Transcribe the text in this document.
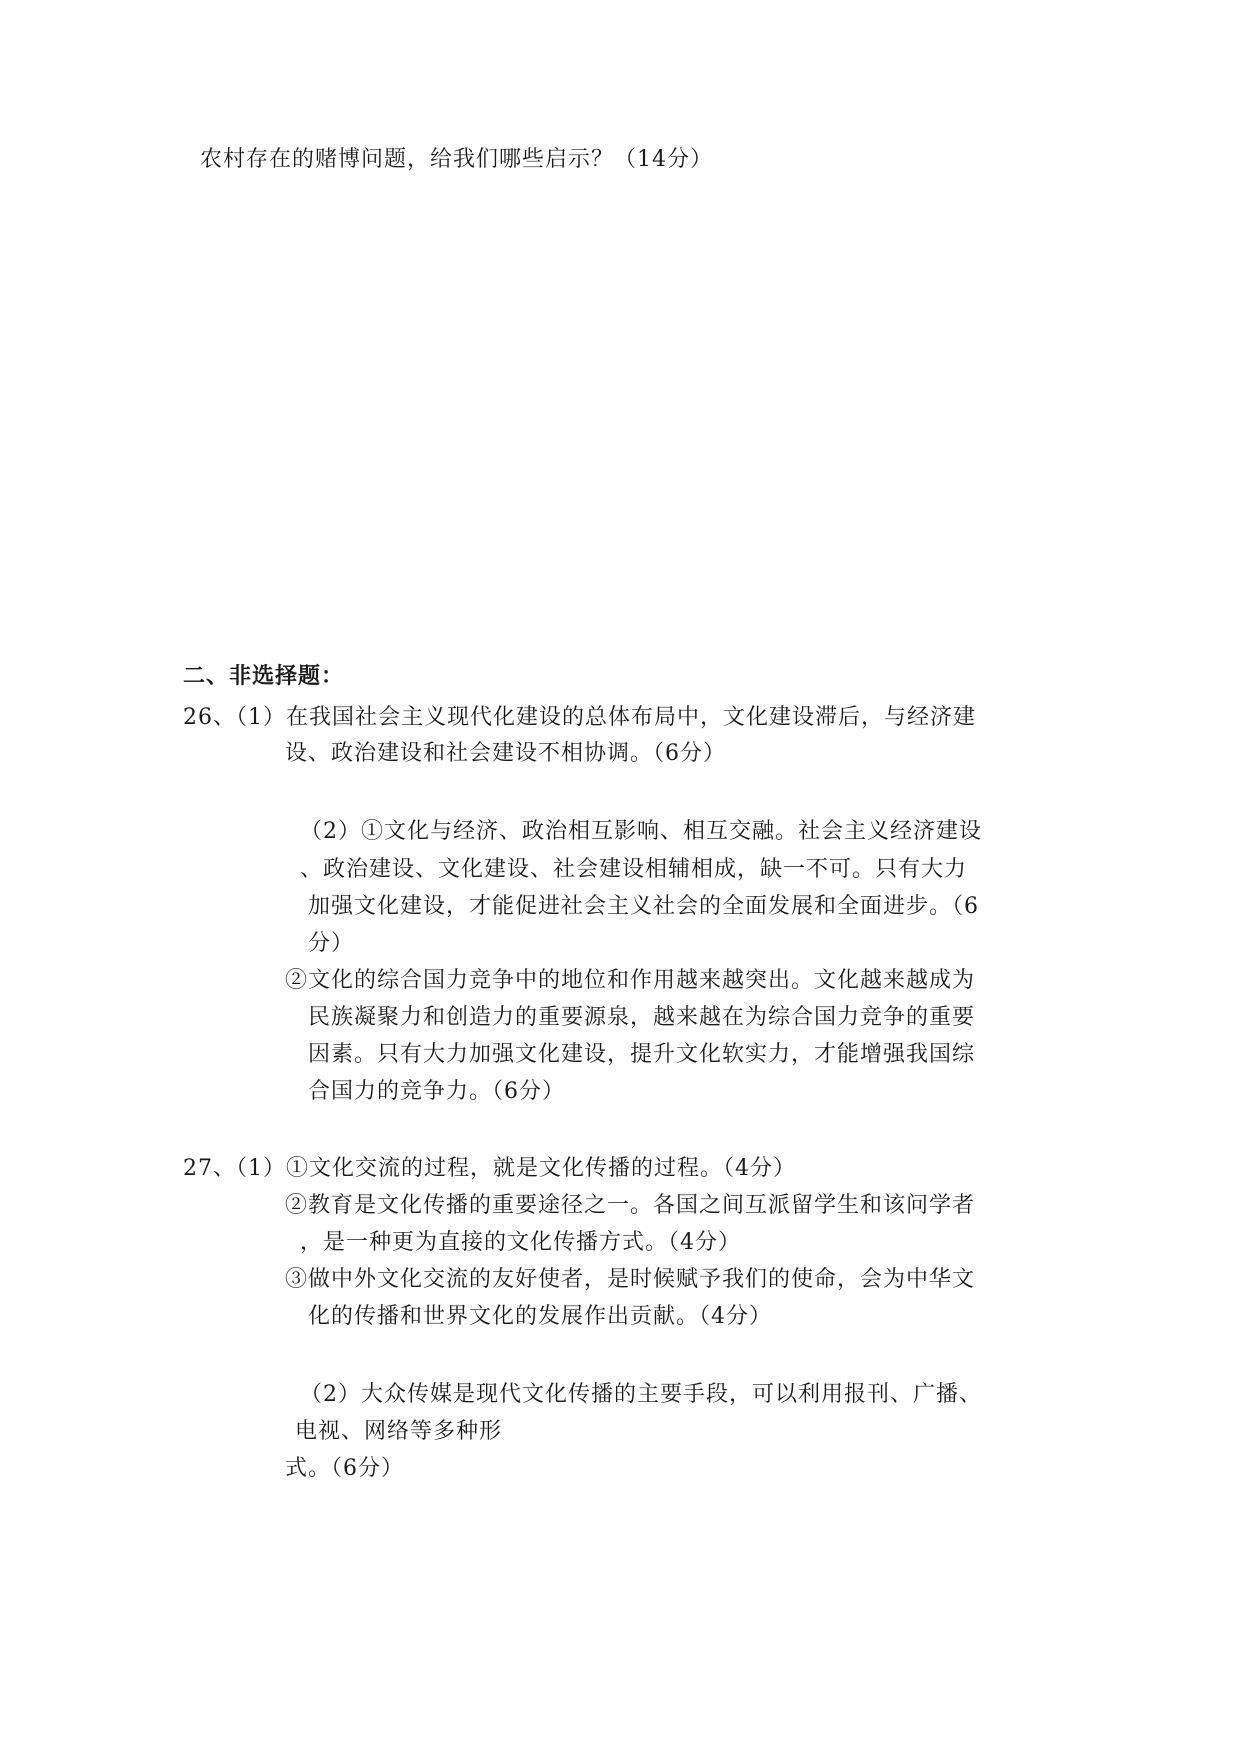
农村存在的赌博问题，给我们哪些启示？（14分）
二、非选择题：
26、（1）在我国社会主义现代化建设的总体布局中，文化建设滞后，与经济建
设、政治建设和社会建设不相协调。（6分）
（2）①文化与经济、政治相互影响、相互交融。社会主义经济建设
、政治建设、文化建设、社会建设相辅相成，缺一不可。只有大力
加强文化建设，才能促进社会主义社会的全面发展和全面进步。（6
分）
②文化的综合国力竞争中的地位和作用越来越突出。文化越来越成为
民族凝聚力和创造力的重要源泉，越来越在为综合国力竞争的重要
因素。只有大力加强文化建设，提升文化软实力，才能增强我国综
合国力的竞争力。（6分）
27、（1）①文化交流的过程，就是文化传播的过程。（4分）
②教育是文化传播的重要途径之一。各国之间互派留学生和该问学者
，是一种更为直接的文化传播方式。（4分）
③做中外文化交流的友好使者，是时候赋予我们的使命，会为中华文
化的传播和世界文化的发展作出贡献。（4分）
（2）大众传媒是现代文化传播的主要手段，可以利用报刊、广播、
电视、网络等多种形
式。（6分）
